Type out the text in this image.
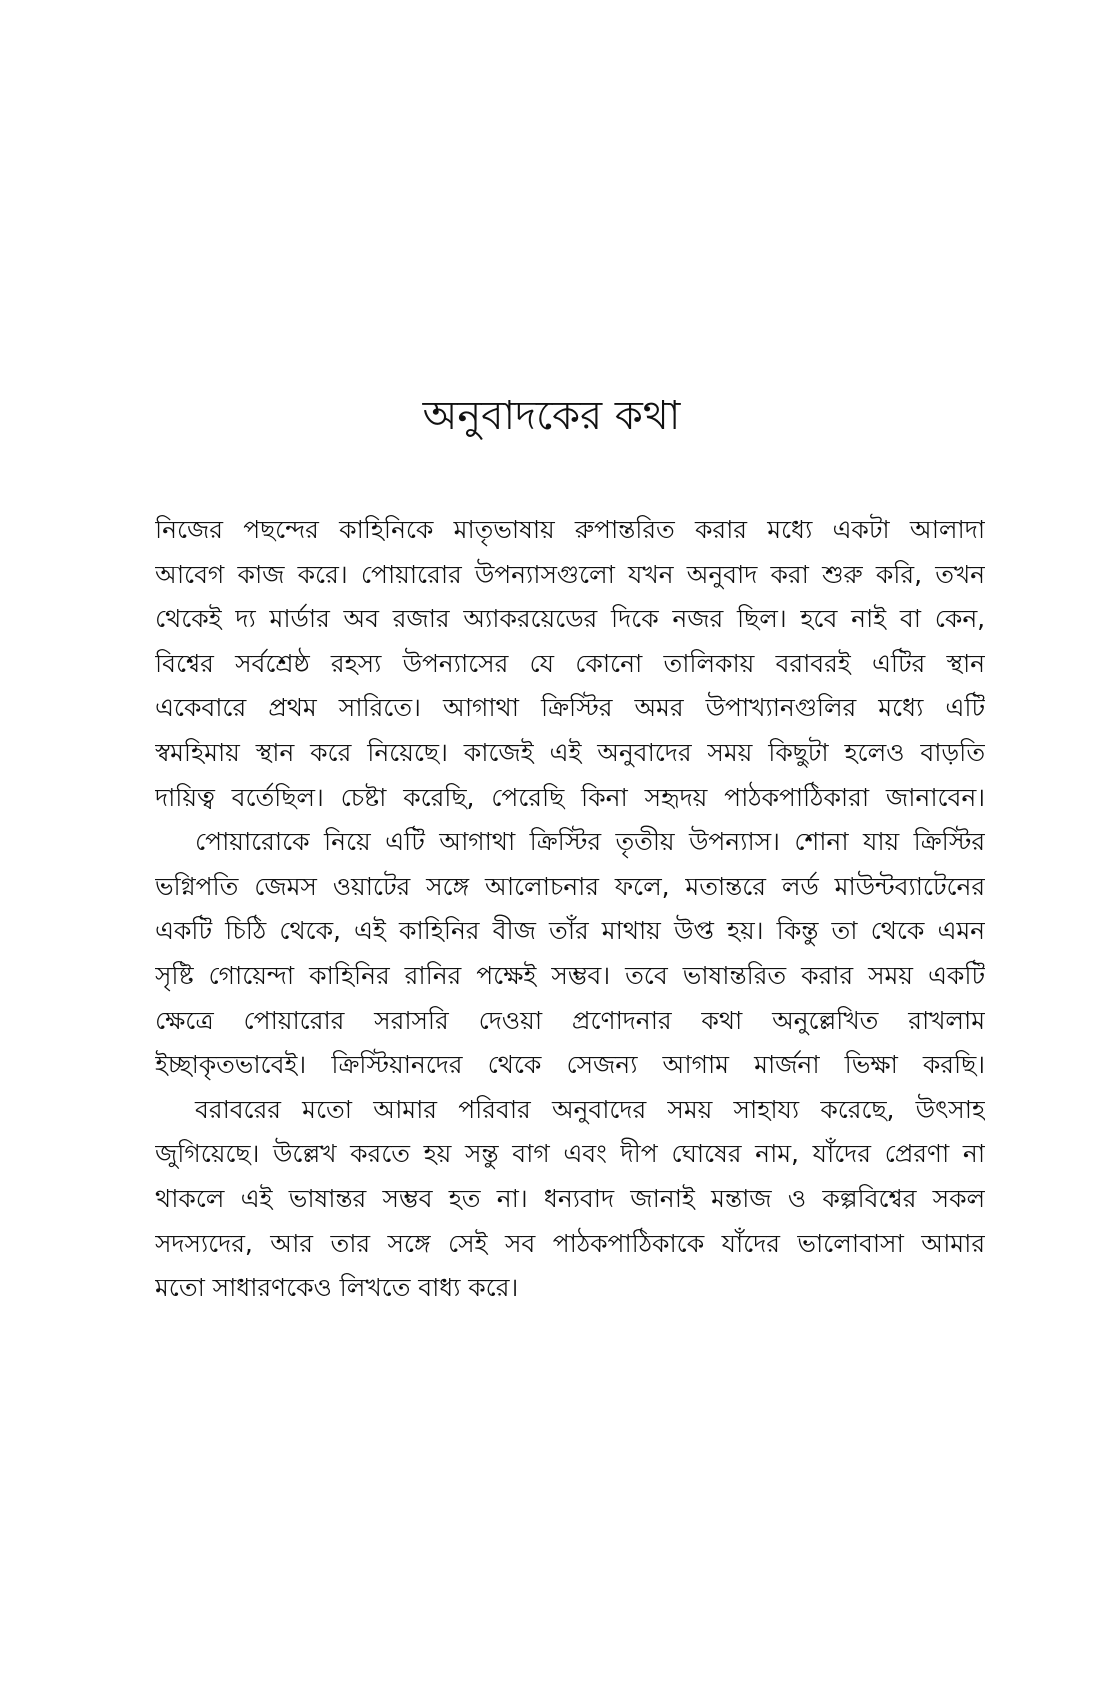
অনুবাদকের কথা
নিজের পছন্দের কাহিনিকে মাতৃভাষায় রুপান্তরিত করার মধ্যে একটা আলাদা
আবেগ কাজ করে। পোয়ারোর উপন্যাসগুলো যখন অনুবাদ করা শুরু করি, তখন
থেকেই দ্য মার্ডার অব রজার অ্যাকরয়েডের দিকে নজর ছিল। হবে নাই বা কেন,
বিশ্বের সর্বশ্রেষ্ঠ রহস্য উপন্যাসের যে কোনো তালিকায় বরাবরই এটির স্থান
একেবারে প্রথম সারিতে। আগাথা ক্রিস্টির অমর উপাখ্যানগুলির মধ্যে এটি
স্বমহিমায় স্থান করে নিয়েছে। কাজেই এই অনুবাদের সময় কিছুটা হলেও বাড়তি
দায়িত্ব বর্তেছিল। চেষ্টা করেছি, পেরেছি কিনা সহৃদয় পাঠকপাঠিকারা জানাবেন।
পোয়ারোকে নিয়ে এটি আগাথা ক্রিস্টির তৃতীয় উপন্যাস। শোনা যায় ক্রিস্টির
ভগ্নিপতি জেমস ওয়াটের সঙ্গে আলোচনার ফলে, মতান্তরে লর্ড মাউন্টব্যাটেনের
একটি চিঠি থেকে, এই কাহিনির বীজ তাঁর মাথায় উপ্ত হয়। কিন্তু তা থেকে এমন
সৃষ্টি গোয়েন্দা কাহিনির রানির পক্ষেই সম্ভব। তবে ভাষান্তরিত করার সময় একটি
ক্ষেত্রে পোয়ারোর সরাসরি দেওয়া প্রণোদনার কথা অনুল্লেখিত রাখলাম
ইচ্ছাকৃতভাবেই। ক্রিস্টিয়ানদের থেকে সেজন্য আগাম মার্জনা ভিক্ষা করছি।
বরাবরের মতো আমার পরিবার অনুবাদের সময় সাহায্য করেছে, উৎসাহ
জুগিয়েছে। উল্লেখ করতে হয় সন্তু বাগ এবং দীপ ঘোষের নাম, যাঁদের প্রেরণা না
থাকলে এই ভাষান্তর সম্ভব হত না। ধন্যবাদ জানাই মন্তাজ ও কল্পবিশ্বের সকল
সদস্যদের, আর তার সঙ্গে সেই সব পাঠকপাঠিকাকে যাঁদের ভালোবাসা আমার
মতো সাধারণকেও লিখতে বাধ্য করে।
